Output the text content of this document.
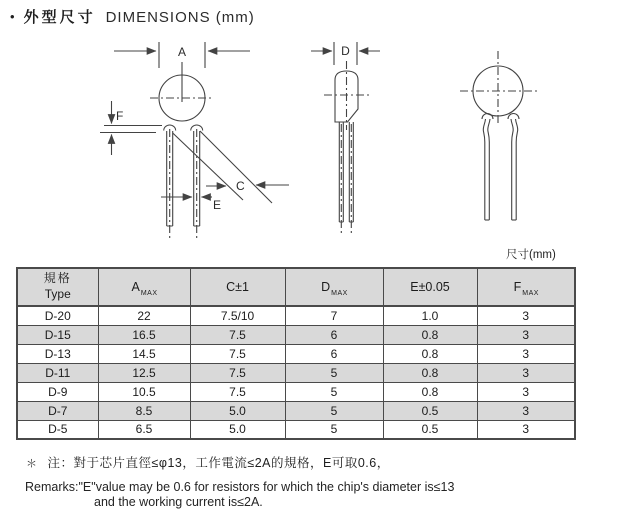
• 外型尺寸 DIMENSIONS (mm)
A
F
C
E
D
尺寸(mm)
規格
Type	$A_{MAX}$	C±1	$D_{MAX}$	E±0.05	$F_{MAX}$
D-20	22	7.5/10	7	1.0	3
D-15	16.5	7.5	6	0.8	3
D-13	14.5	7.5	6	0.8	3
D-11	12.5	7.5	5	0.8	3
D-9	10.5	7.5	5	0.8	3
D-7	8.5	5.0	5	0.5	3
D-5	6.5	5.0	5	0.5	3
＊ 注：對于芯片直徑≤φ13，工作電流≤2A的規格，E可取0.6，
Remarks:"E"value may be 0.6 for resistors for which the chip's diameter is≤13
and the working current is≤2A.
